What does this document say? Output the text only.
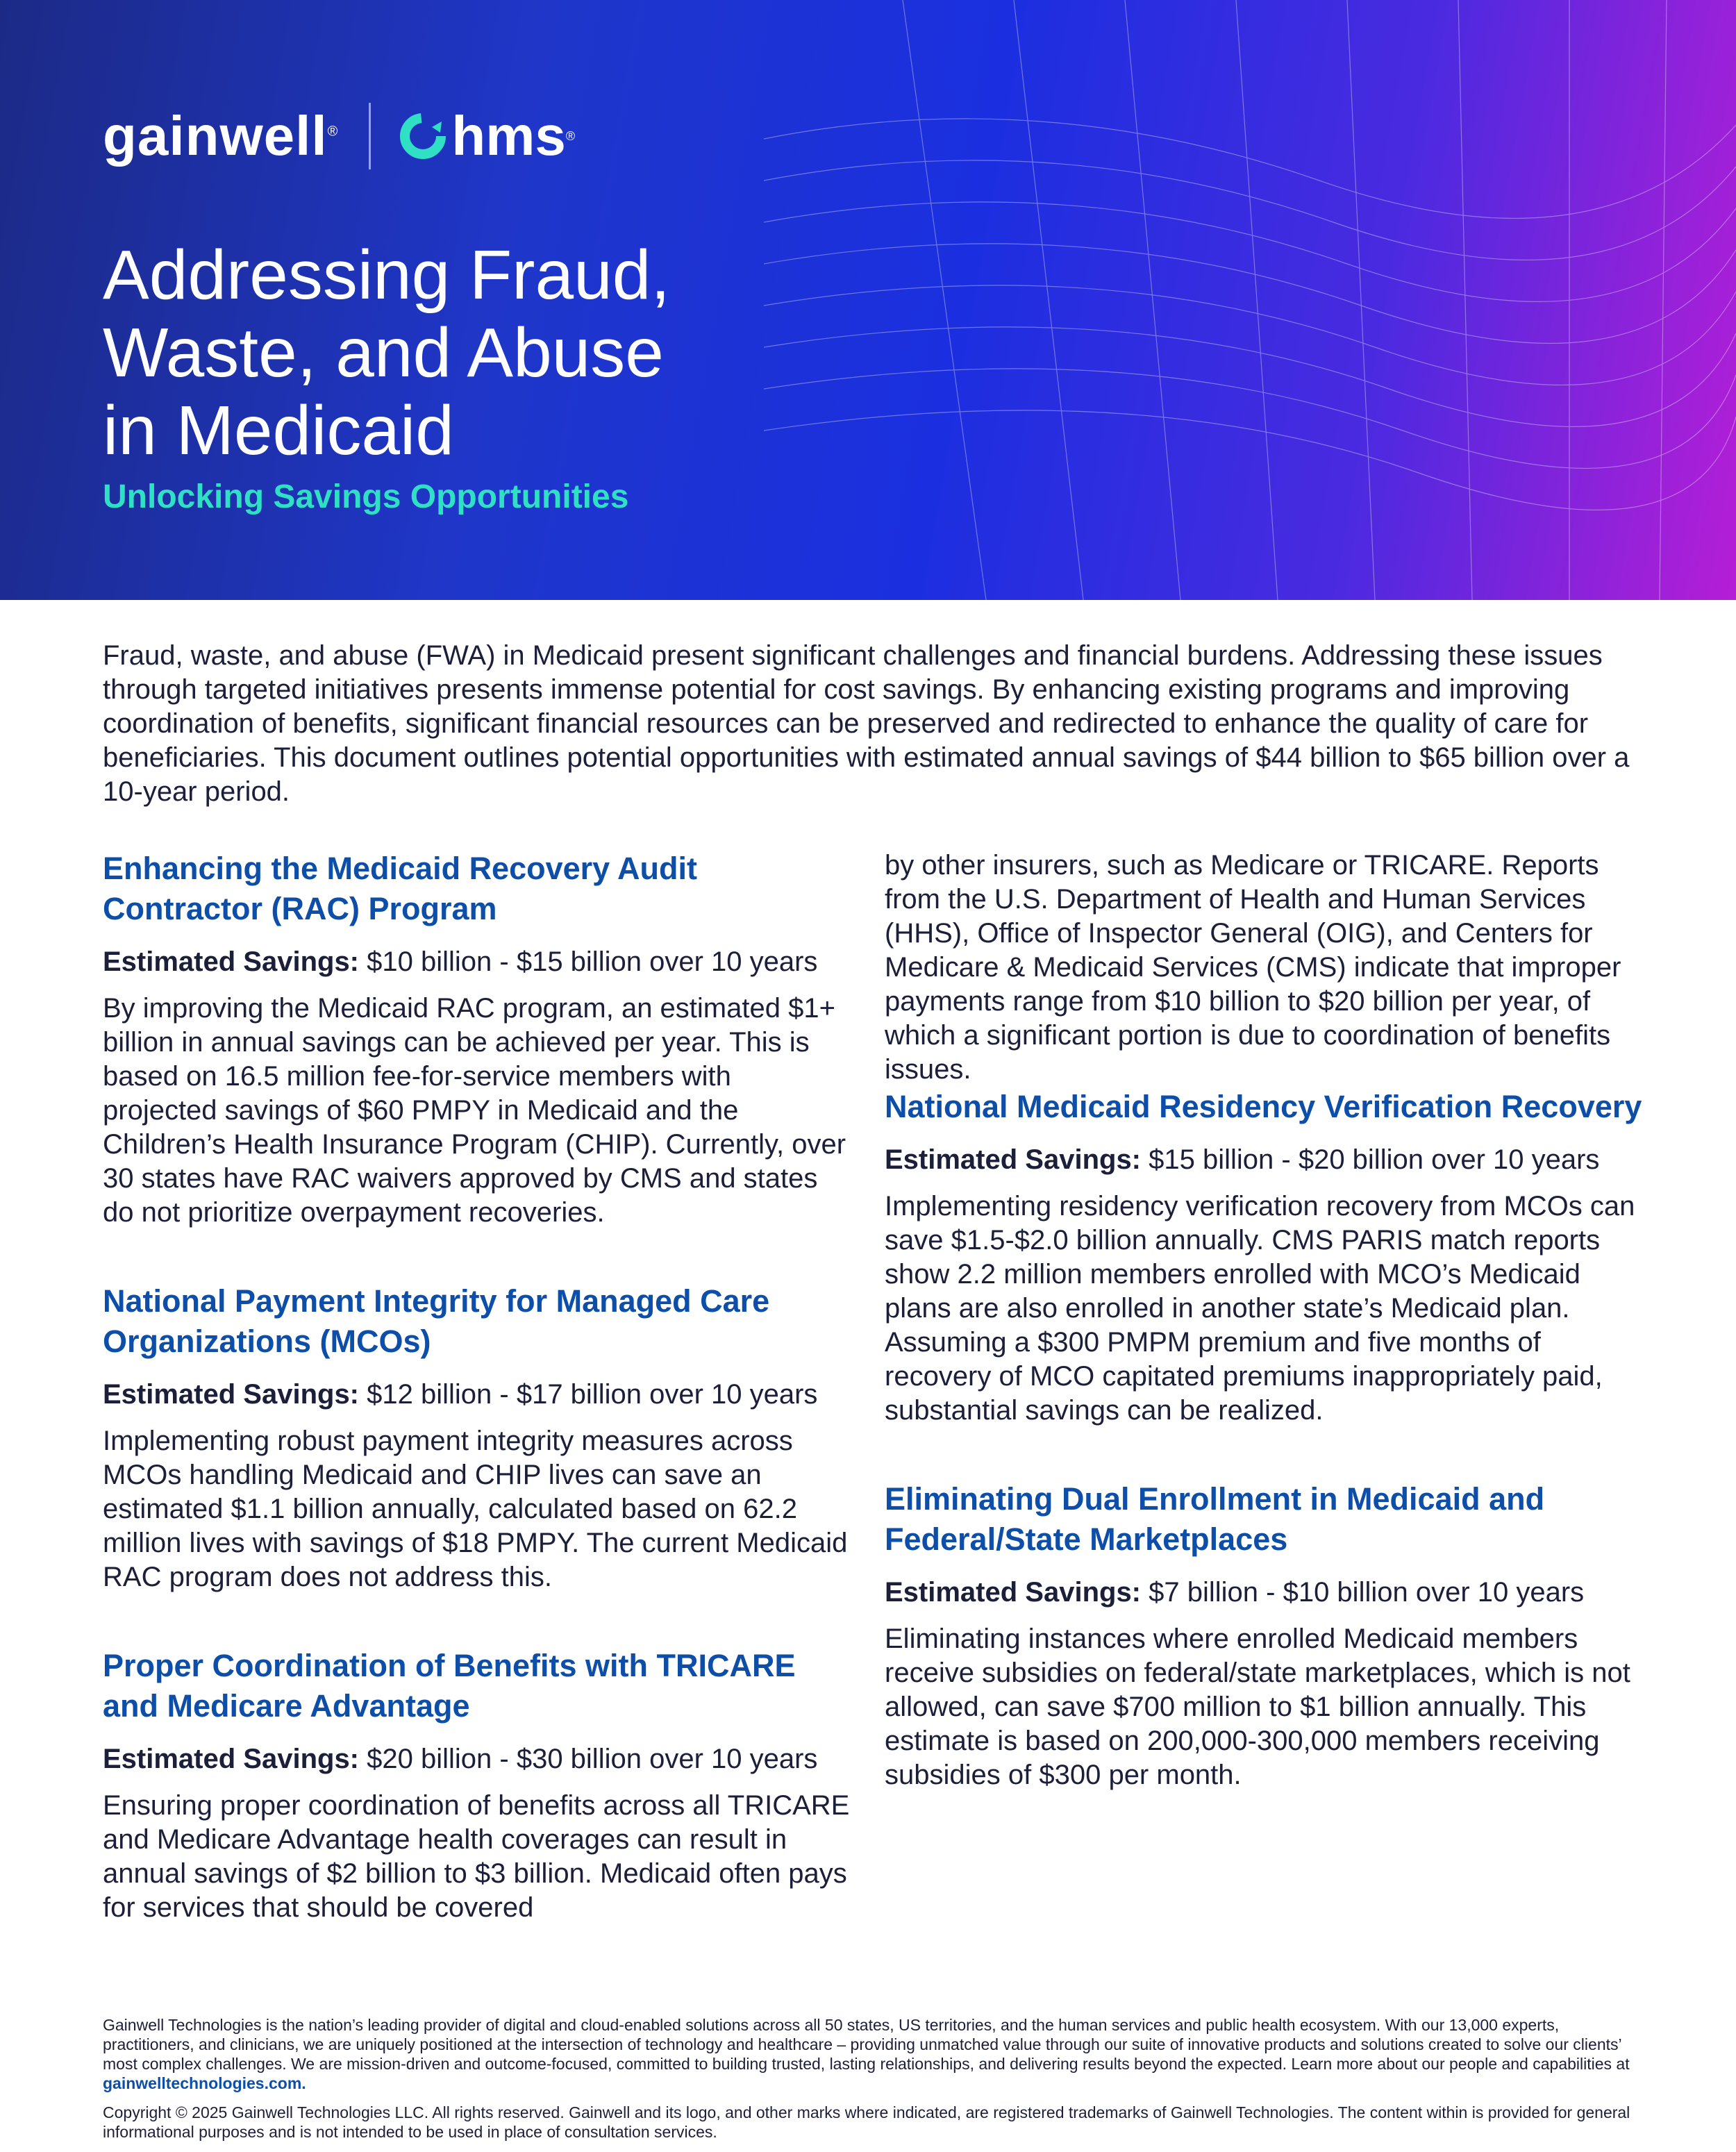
gainwell® hms ®
Addressing Fraud,
Waste, and Abuse
in Medicaid

Unlocking Savings Opportunities

Fraud, waste, and abuse (FWA) in Medicaid present significant challenges and financial burdens. Addressing these issues through targeted initiatives presents immense potential for cost savings. By enhancing existing programs and improving coordination of benefits, significant financial resources can be preserved and redirected to enhance the quality of care for beneficiaries. This document outlines potential opportunities with estimated annual savings of $44 billion to $65 billion over a 10-year period.

Enhancing the Medicaid Recovery Audit Contractor (RAC) Program

Estimated Savings: $10 billion - $15 billion over 10 years

By improving the Medicaid RAC program, an estimated $1+ billion in annual savings can be achieved per year. This is based on 16.5 million fee-for-service members with projected savings of $60 PMPY in Medicaid and the Children’s Health Insurance Program (CHIP). Currently, over 30 states have RAC waivers approved by CMS and states do not prioritize overpayment recoveries.

National Payment Integrity for Managed Care Organizations (MCOs)

Estimated Savings: $12 billion - $17 billion over 10 years

Implementing robust payment integrity measures across MCOs handling Medicaid and CHIP lives can save an estimated $1.1 billion annually, calculated based on 62.2 million lives with savings of $18 PMPY. The current Medicaid RAC program does not address this.

Proper Coordination of Benefits with TRICARE and Medicare Advantage

Estimated Savings: $20 billion - $30 billion over 10 years

Ensuring proper coordination of benefits across all TRICARE and Medicare Advantage health coverages can result in annual savings of $2 billion to $3 billion. Medicaid often pays for services that should be covered

by other insurers, such as Medicare or TRICARE. Reports from the U.S. Department of Health and Human Services (HHS), Office of Inspector General (OIG), and Centers for Medicare & Medicaid Services (CMS) indicate that improper payments range from $10 billion to $20 billion per year, of which a significant portion is due to coordination of benefits issues.

National Medicaid Residency Verification Recovery

Estimated Savings: $15 billion - $20 billion over 10 years

Implementing residency verification recovery from MCOs can save $1.5-$2.0 billion annually. CMS PARIS match reports show 2.2 million members enrolled with MCO’s Medicaid plans are also enrolled in another state’s Medicaid plan. Assuming a $300 PMPM premium and five months of recovery of MCO capitated premiums inappropriately paid, substantial savings can be realized.

Eliminating Dual Enrollment in Medicaid and Federal/State Marketplaces

Estimated Savings: $7 billion - $10 billion over 10 years

Eliminating instances where enrolled Medicaid members receive subsidies on federal/state marketplaces, which is not allowed, can save $700 million to $1 billion annually. This estimate is based on 200,000-300,000 members receiving subsidies of $300 per month.

Gainwell Technologies is the nation’s leading provider of digital and cloud-enabled solutions across all 50 states, US territories, and the human services and public health ecosystem. With our 13,000 experts, practitioners, and clinicians, we are uniquely positioned at the intersection of technology and healthcare – providing unmatched value through our suite of innovative products and solutions created to solve our clients’ most complex challenges. We are mission-driven and outcome-focused, committed to building trusted, lasting relationships, and delivering results beyond the expected. Learn more about our people and capabilities at gainwelltechnologies.com.

Copyright © 2025 Gainwell Technologies LLC. All rights reserved. Gainwell and its logo, and other marks where indicated, are registered trademarks of Gainwell Technologies. The content within is provided for general informational purposes and is not intended to be used in place of consultation services.
